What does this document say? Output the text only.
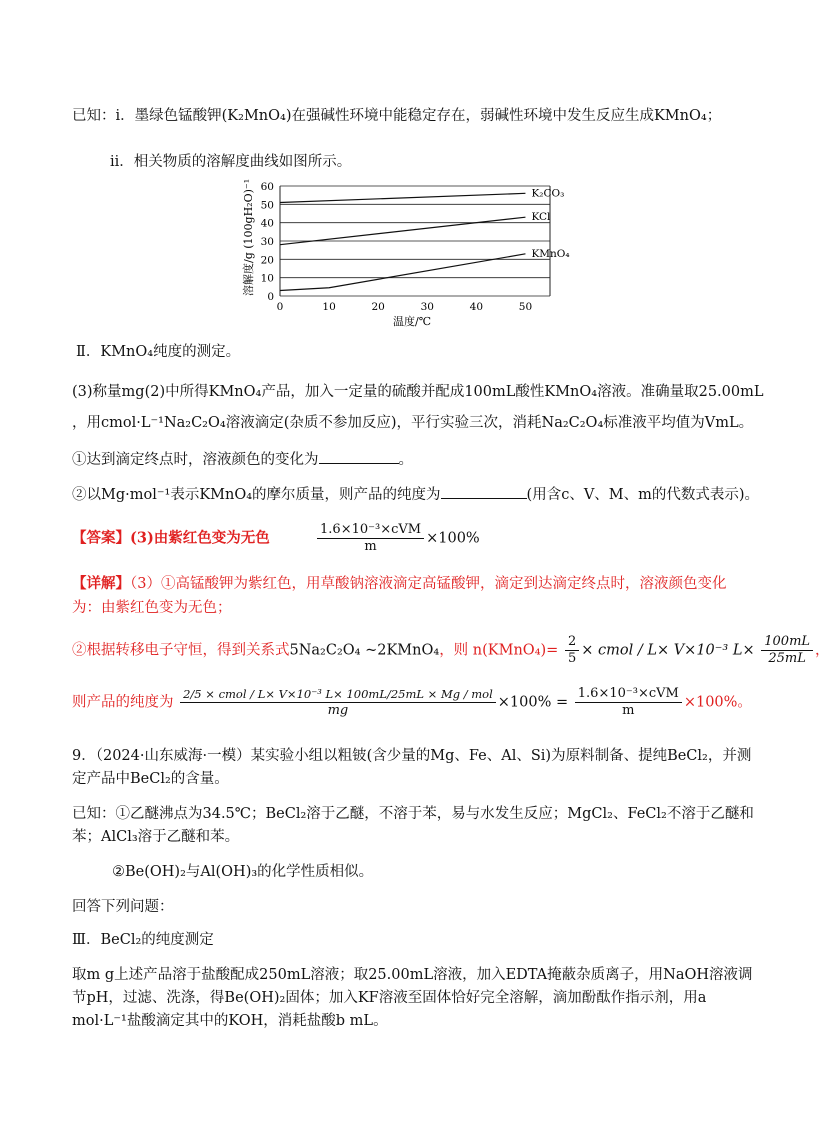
已知：i．墨绿色锰酸钾(K₂MnO₄)在强碱性环境中能稳定存在，弱碱性环境中发生反应生成KMnO₄；
ii．相关物质的溶解度曲线如图所示。
K₂CO₃
KCl
KMnO₄
0
10
20
30
40
50
60
0	10	20	30	40	50
溶解度/g (100gH₂O)⁻¹
温度/℃
Ⅱ．KMnO₄纯度的测定。
(3)称量mg(2)中所得KMnO₄产品，加入一定量的硫酸并配成100mL酸性KMnO₄溶液。准确量取25.00mL
，用cmol·L⁻¹Na₂C₂O₄溶液滴定(杂质不参加反应)，平行实验三次，消耗Na₂C₂O₄标准液平均值为VmL。
①达到滴定终点时，溶液颜色的变化为	。
②以Mg·mol⁻¹表示KMnO₄的摩尔质量，则产品的纯度为	(用含c、V、M、m的代数式表示)。
【答案】(3)由紫红色变为无色	$\frac{\text{1.6×10⁻³×cVM}}{m} \times 100\%$
【详解】（3）①高锰酸钾为紫红色，用草酸钠溶液滴定高锰酸钾，滴定到达滴定终点时，溶液颜色变化
为：由紫红色变为无色；
②根据转移电子守恒，得到关系式5Na₂C₂O₄ ~2KMnO₄，则 n(KMnO₄)= $\frac{2}{5}$ × cmol / L× V×10⁻³ $L\times \frac{100mL}{25mL}$ ，
则产品的纯度为 $\frac{\text{2/5 × cmol / L× V×10⁻³ L× 100mL/25mL × Mg / mol}}{mg} \times 100\% = \frac{\text{1.6×10⁻³×cVM}}{m} \times 100\%$。
9．（2024·山东威海·一模）某实验小组以粗铍(含少量的Mg、Fe、Al、Si)为原料制备、提纯BeCl₂，并测
定产品中BeCl₂的含量。
已知：①乙醚沸点为34.5℃；BeCl₂溶于乙醚，不溶于苯，易与水发生反应；MgCl₂、FeCl₂不溶于乙醚和
苯；AlCl₃溶于乙醚和苯。
②Be(OH)₂与Al(OH)₃的化学性质相似。
回答下列问题：
Ⅲ．BeCl₂的纯度测定
取m g上述产品溶于盐酸配成250mL溶液；取25.00mL溶液，加入EDTA掩蔽杂质离子，用NaOH溶液调
节pH，过滤、洗涤，得Be(OH)₂固体；加入KF溶液至固体恰好完全溶解，滴加酚酞作指示剂，用a
mol·L⁻¹盐酸滴定其中的KOH，消耗盐酸b mL。
